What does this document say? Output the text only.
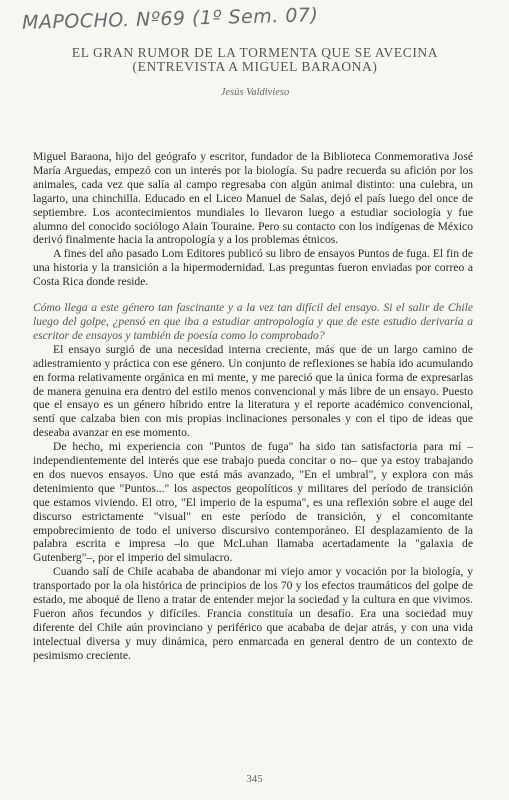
MAPOCHO. Nº69 (1º Sem. 07)
EL GRAN RUMOR DE LA TORMENTA QUE SE AVECINA
(ENTREVISTA A MIGUEL BARAONA)
Jesús Valdivieso

Miguel Baraona, hijo del geógrafo y escritor, fundador de la Biblioteca Conmemorativa José María Arguedas, empezó con un interés por la biología. Su padre recuerda su afición por los animales, cada vez que salía al campo regresaba con algún animal distinto: una culebra, un lagarto, una chinchilla. Educado en el Liceo Manuel de Salas, dejó el país luego del once de septiembre. Los acontecimientos mundiales lo llevaron luego a estudiar sociología y fue alumno del conocido sociólogo Alain Touraine. Pero su contacto con los indígenas de México derivó finalmente hacia la antropología y a los problemas étnicos.

A fines del año pasado Lom Editores publicó su libro de ensayos Puntos de fuga. El fin de una historia y la transición a la hipermodernidad. Las preguntas fueron enviadas por correo a Costa Rica donde reside.

Cómo llega a este género tan fascinante y a la vez tan difícil del ensayo. Si el salir de Chile luego del golpe, ¿pensó en que iba a estudiar antropología y que de este estudio derivaría a escritor de ensayos y también de poesía como lo comprobado?

El ensayo surgió de una necesidad interna creciente, más que de un largo camino de adiestramiento y práctica con ese género. Un conjunto de reflexiones se había ido acumulando en forma relativamente orgánica en mi mente, y me pareció que la única forma de expresarlas de manera genuina era dentro del estilo menos convencional y más libre de un ensayo. Puesto que el ensayo es un género híbrido entre la literatura y el reporte académico convencional, sentí que calzaba bien con mis propias inclinaciones personales y con el tipo de ideas que deseaba avanzar en ese momento.

De hecho, mi experiencia con "Puntos de fuga" ha sido tan satisfactoria para mí –independientemente del interés que ese trabajo pueda concitar o no– que ya estoy trabajando en dos nuevos ensayos. Uno que está más avanzado, "En el umbral", y explora con más detenimiento que "Puntos..." los aspectos geopolíticos y militares del período de transición que estamos viviendo. El otro, "El imperio de la espuma", es una reflexión sobre el auge del discurso estrictamente "visual" en este período de transición, y el concomitante empobrecimiento de todo el universo discursivo contemporáneo. El desplazamiento de la palabra escrita e impresa –lo que McLuhan llamaba acertadamente la "galaxia de Gutenberg"–, por el imperio del simulacro.

Cuando salí de Chile acababa de abandonar mi viejo amor y vocación por la biología, y transportado por la ola histórica de principios de los 70 y los efectos traumáticos del golpe de estado, me aboqué de lleno a tratar de entender mejor la sociedad y la cultura en que vivimos. Fueron años fecundos y difíciles. Francia constituía un desafío. Era una sociedad muy diferente del Chile aún provinciano y periférico que acababa de dejar atrás, y con una vida intelectual diversa y muy dinámica, pero enmarcada en general dentro de un contexto de pesimismo creciente.

345
